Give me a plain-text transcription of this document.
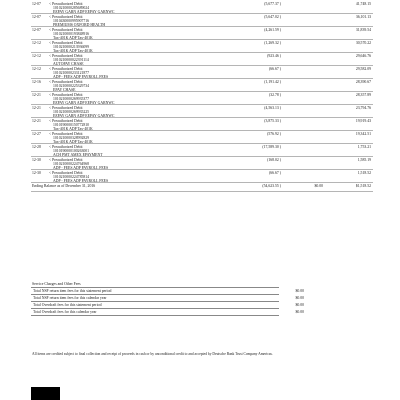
12-07 < Preauthorized Debit
1010210000285689024
EEPAY GARN ADP EEPAY GARNWC
(5,677.37 )	41,748.15
12-07 < Preauthorized Debit
1010430000995907716
PREMIUMS OXFORD HEALTH
(5,647.02 )	36,101.13
12-07 < Preauthorized Debit
1010210000193848916
Tax-401K ADP Tax-401K
(4,261.59 )	31,839.54
12-12 < Preauthorized Debit
1010210000213936099
Tax-401K ADP Tax-401K
(1,269.32 )	30,570.22
12-12 < Preauthorized Debit
1010210000022391114
AUTOPAY CHASE
(923.46 )	29,646.76
12-12 < Preauthorized Debit
1010210000233121877
ADP - FEES ADP PAYROLL FEES
(66.67 )	29,582.09
12-16 < Preauthorized Debit
1010210000225329734
EPAY CHASE
(1,191.42 )	28,390.67
12-21 < Preauthorized Debit
1010210000269935377
EEPAY GARN ADP EEPAY GARNWC
(32.78 )	28,357.89
12-21 < Preauthorized Debit
1010210000269935225
EEPAY GARN ADP EEPAY GARNWC
(4,563.13 )	23,794.76
12-21 < Preauthorized Debit
1010190000150772810
Tax-401K ADP Tax-401K
(3,875.33 )	19,919.43
12-27 < Preauthorized Debit
1010210000328992829
Tax-401K ADP Tax-401K
(576.92 )	19,342.51
12-28 < Preauthorized Debit
1010190000100263001
ACH PMT AMEX EPAYMENT
(17,589.30 )	1,753.21
12-30 < Preauthorized Debit
1010210000224764968
ADP - FEES ADP PAYROLL FEES
(168.02 )	1,585.19
12-30 < Preauthorized Debit
1010210000224785814
ADP - FEES ADP PAYROLL FEES
(66.67 )	1,518.52
Ending Balance as of December 31, 2016	(54,623.55 )	$0.00	$1,518.52
Service Charges and Other Fees
Total NSF return item fees for this statement period	$0.00
Total NSF return item fees for this calendar year	$0.00
Total Overdraft fees for this statement period	$0.00
Total Overdraft fees for this calendar year	$0.00
All items are credited subject to final collection and receipt of proceeds in cash or by unconditional credit to and accepted by Deutsche Bank Trust Company Americas.
